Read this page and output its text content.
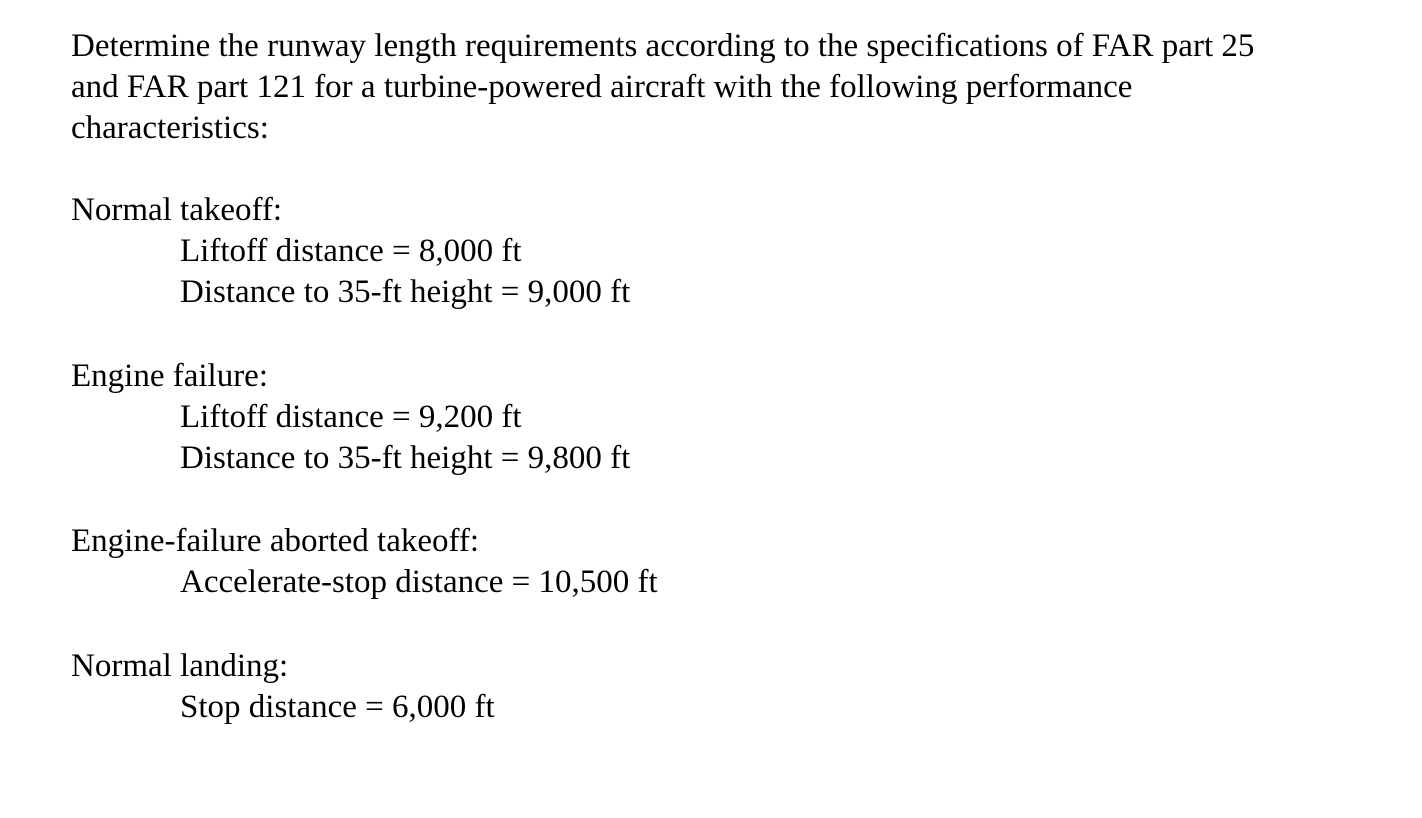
Determine the runway length requirements according to the specifications of FAR part 25

and FAR part 121 for a turbine-powered aircraft with the following performance

characteristics:

Normal takeoff:

Liftoff distance = 8,000 ft

Distance to 35-ft height = 9,000 ft

Engine failure:

Liftoff distance = 9,200 ft

Distance to 35-ft height = 9,800 ft

Engine-failure aborted takeoff:

Accelerate-stop distance = 10,500 ft

Normal landing:

Stop distance = 6,000 ft
